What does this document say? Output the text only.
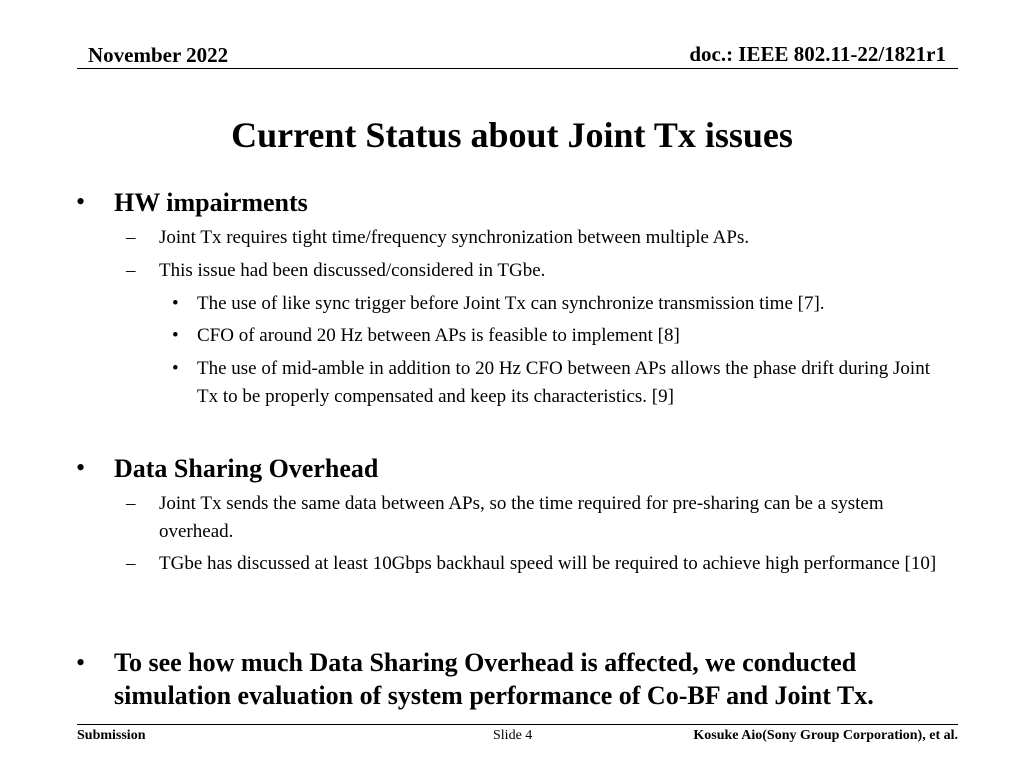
November 2022	doc.: IEEE 802.11-22/1821r1
Current Status about Joint Tx issues
• HW impairments
– Joint Tx requires tight time/frequency synchronization between multiple APs.
– This issue had been discussed/considered in TGbe.
• The use of like sync trigger before Joint Tx can synchronize transmission time [7].
• CFO of around 20 Hz between APs is feasible to implement [8]
• The use of mid-amble in addition to 20 Hz CFO between APs allows the phase drift during Joint Tx to be properly compensated and keep its characteristics. [9]
• Data Sharing Overhead
– Joint Tx sends the same data between APs, so the time required for pre-sharing can be a system overhead.
– TGbe has discussed at least 10Gbps backhaul speed will be required to achieve high performance [10]
• To see how much Data Sharing Overhead is affected, we conducted simulation evaluation of system performance of Co-BF and Joint Tx.
Submission	Slide 4	Kosuke Aio(Sony Group Corporation), et al.
